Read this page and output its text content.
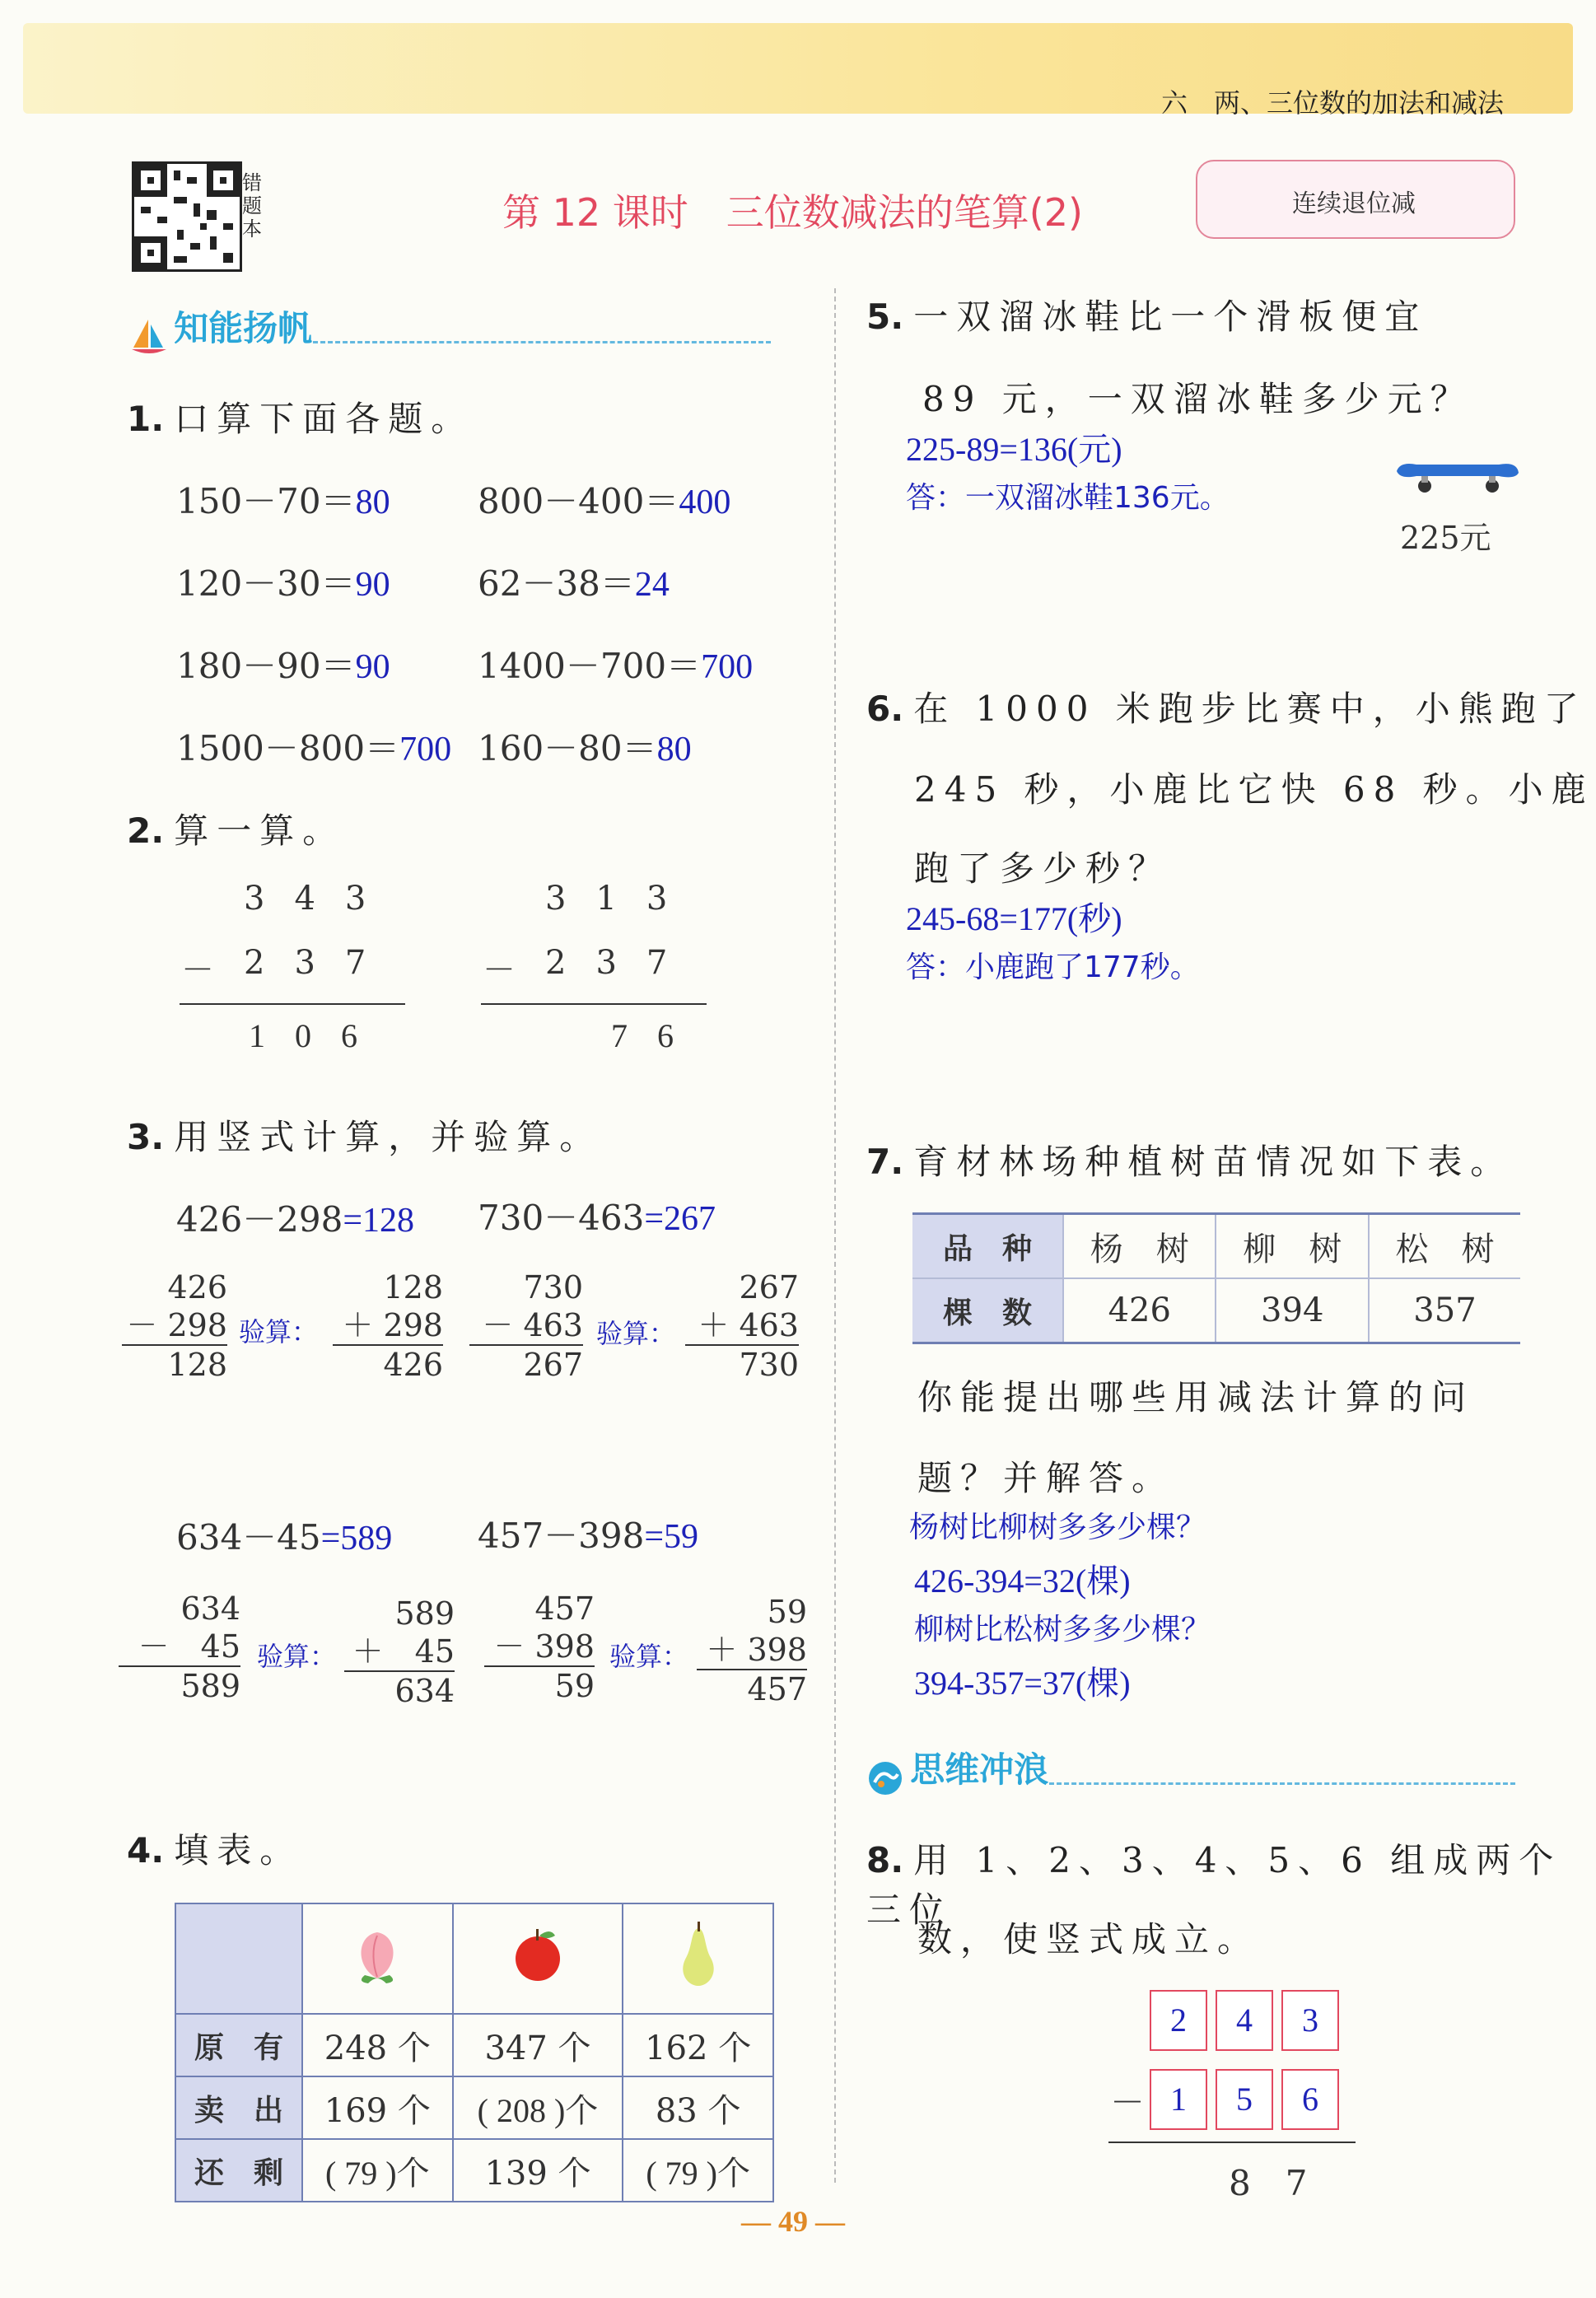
六　两、三位数的加法和减法
错题本	第 12 课时　三位数减法的笔算(2)	连续退位减
知能扬帆
1. 口算下面各题。
150－70＝80	800－400＝400
120－30＝90	62－38＝24
180－90＝90	1400－700＝700
1500－800＝700 160－80＝80
2. 算一算。
343
－ 237
106
313
－ 237
76
3. 用竖式计算，并验算。
426－298=128 730－463=267
426
－ 298
128
验算：
128
＋ 298
426
730
－ 463
267
验算：
267
＋ 463
730
634－45=589 457－398=59
634
－　45
589
验算：
589
＋　45
634
457
－ 398
59
验算：
59
＋ 398
457
4. 填表。

原　有	248 个	347 个	162 个
卖　出	169 个	( 208 )个	83 个
还　剩	( 79 )个	139 个	( 79 )个
5. 一双溜冰鞋比一个滑板便宜
89 元，一双溜冰鞋多少元？
225-89=136(元)
答：一双溜冰鞋136元。
225元
6. 在 1000 米跑步比赛中，小熊跑了
245 秒，小鹿比它快 68 秒。小鹿
跑了多少秒？
245-68=177(秒)
答：小鹿跑了177秒。
7. 育材林场种植树苗情况如下表。
品　种	杨　树	柳　树	松　树
棵　数	426	394	357
你能提出哪些用减法计算的问
题？并解答。
杨树比柳树多多少棵？
426-394=32(棵)
柳树比松树多多少棵？
394-357=37(棵)
思维冲浪
8. 用 1、2、3、4、5、6 组成两个三位
数，使竖式成立。
2 4 3
－ 1 5 6
8　7
— 49 —
